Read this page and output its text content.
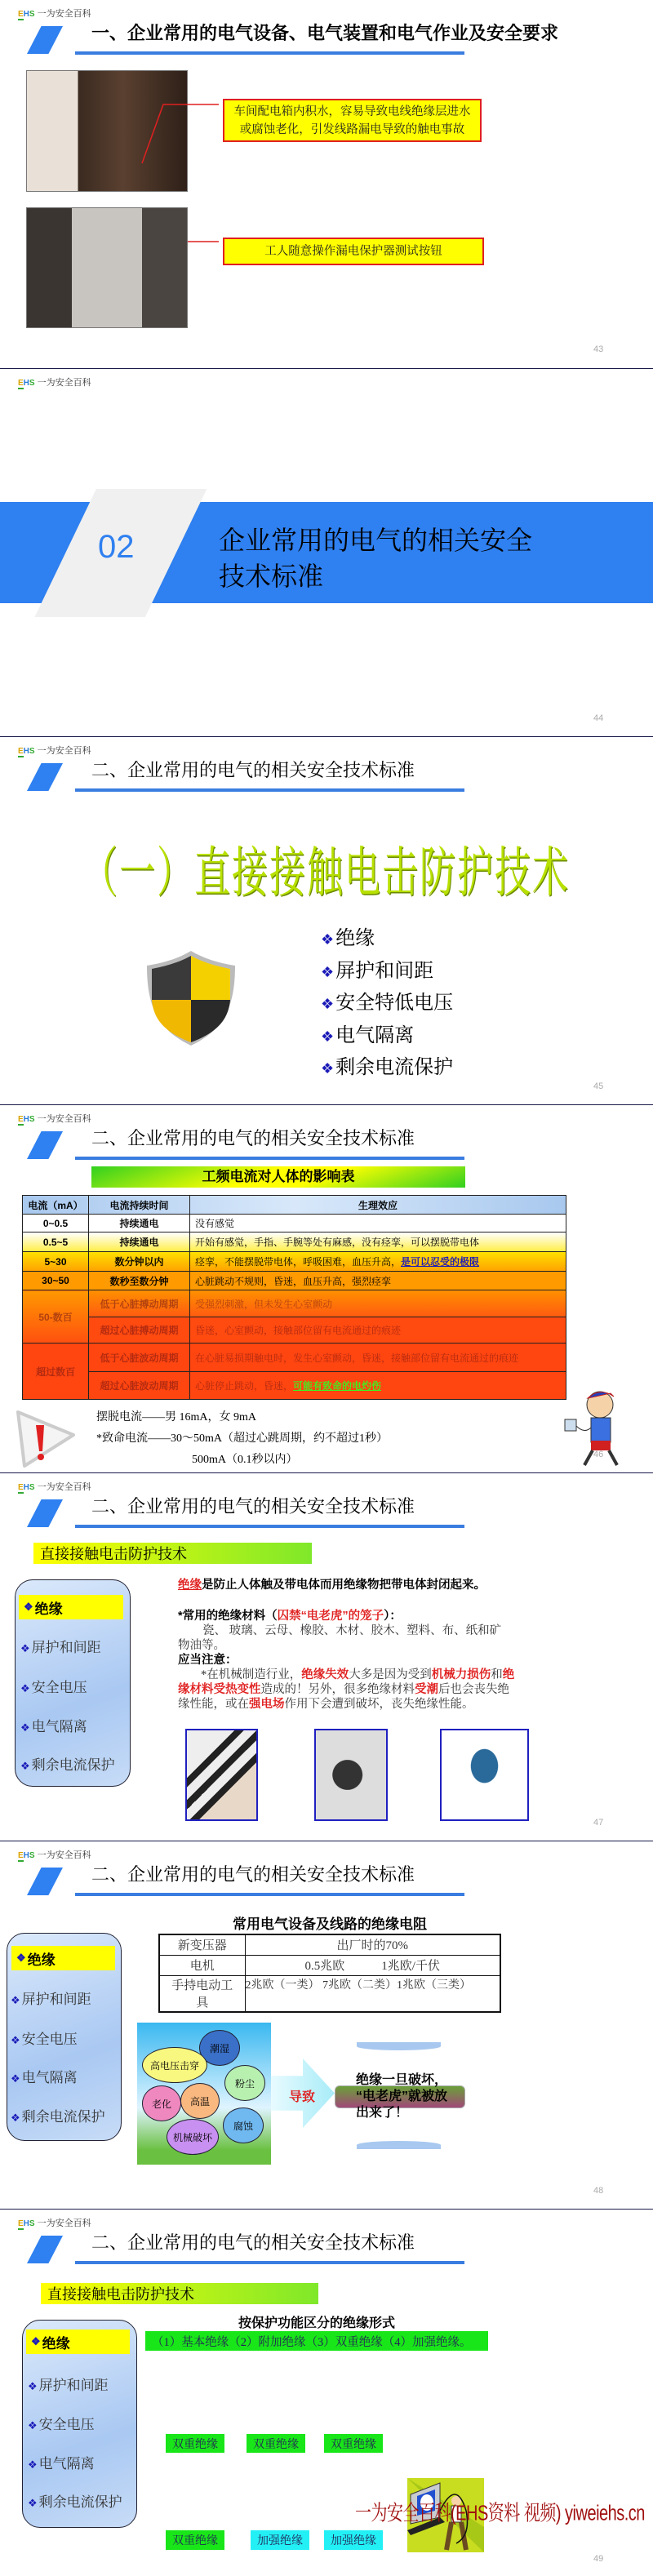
EHS 一为安全百科
一、企业常用的电气设备、电气装置和电气作业及安全要求
车间配电箱内积水，容易导致电线绝缘层进水或腐蚀老化，引发线路漏电导致的触电事故
工人随意操作漏电保护器测试按钮
43
EHS 一为安全百科
02	企业常用的电气的相关安全
技术标准
44
EHS 一为安全百科
二、企业常用的电气的相关安全技术标准
（一）直接接触电击防护技术
❖绝缘
❖屏护和间距
❖安全特低电压
❖电气隔离
❖剩余电流保护
45
EHS 一为安全百科
二、企业常用的电气的相关安全技术标准
工频电流对人体的影响表
电流（mA）	电流持续时间	生理效应
0~0.5	持续通电	没有感觉
0.5~5	持续通电	开始有感觉，手指、手腕等处有麻感，没有痉挛，可以摆脱带电体
5~30	数分钟以内	痉挛，不能摆脱带电体，呼吸困难，血压升高，是可以忍受的极限
30~50	数秒至数分钟	心脏跳动不规则，昏迷，血压升高，强烈痉挛
50-数百	低于心脏搏动周期	受强烈刺激，但未发生心室颤动
	超过心脏搏动周期	昏迷，心室颤动，接触部位留有电流通过的痕迹
超过数百	低于心脏波动周期	在心脏易损期触电时，发生心室颤动，昏迷，接触部位留有电流通过的痕迹
	超过心脏波动周期	心脏停止跳动，昏迷，可能有致命的电灼伤
摆脱电流——男 16mA，女 9mA
*致命电流——30～50mA（超过心跳周期，约不超过1秒）
500mA（0.1秒以内）	46
EHS 一为安全百科
二、企业常用的电气的相关安全技术标准
直接接触电击防护技术
❖ 绝缘
❖ 屏护和间距
❖ 安全电压
❖ 电气隔离
❖ 剩余电流保护
绝缘是防止人体触及带电体而用绝缘物把带电体封闭起来。
*常用的绝缘材料（囚禁“电老虎”的笼子）：
瓷、 玻璃、云母、橡胶、木材、胶木、塑料、布、纸和矿
物油等。
应当注意：
*在机械制造行业，绝缘失效大多是因为受到机械力损伤和绝缘材料受热变性造成的！另外，很多绝缘材料受潮后也会丧失绝缘性能，或在强电场作用下会遭到破坏，丧失绝缘性能。
47
EHS 一为安全百科
二、企业常用的电气的相关安全技术标准
常用电气设备及线路的绝缘电阻
新变压器	出厂时的70%
电机	0.5兆欧　　　1兆欧/千伏
手持电动工具	2兆欧（一类） 7兆欧（二类）1兆欧（三类）
❖ 绝缘
❖ 屏护和间距
❖ 安全电压
❖ 电气隔离
❖ 剩余电流保护
潮湿
高电压击穿
粉尘
老化	高温
腐蚀
机械破坏
导致
绝缘一旦破坏，
“电老虎”就被放
出来了！
48
EHS 一为安全百科
二、企业常用的电气的相关安全技术标准
直接接触电击防护技术
按保护功能区分的绝缘形式
（1）基本绝缘（2）附加绝缘（3）双重绝缘（4）加强绝缘。
❖ 绝缘
❖ 屏护和间距
❖ 安全电压
❖ 电气隔离
❖ 剩余电流保护
双重绝缘	双重绝缘	双重绝缘
双重绝缘	加强绝缘	加强绝缘
一为安全百科(EHS资料 视频) yiweiehs.cn
49
